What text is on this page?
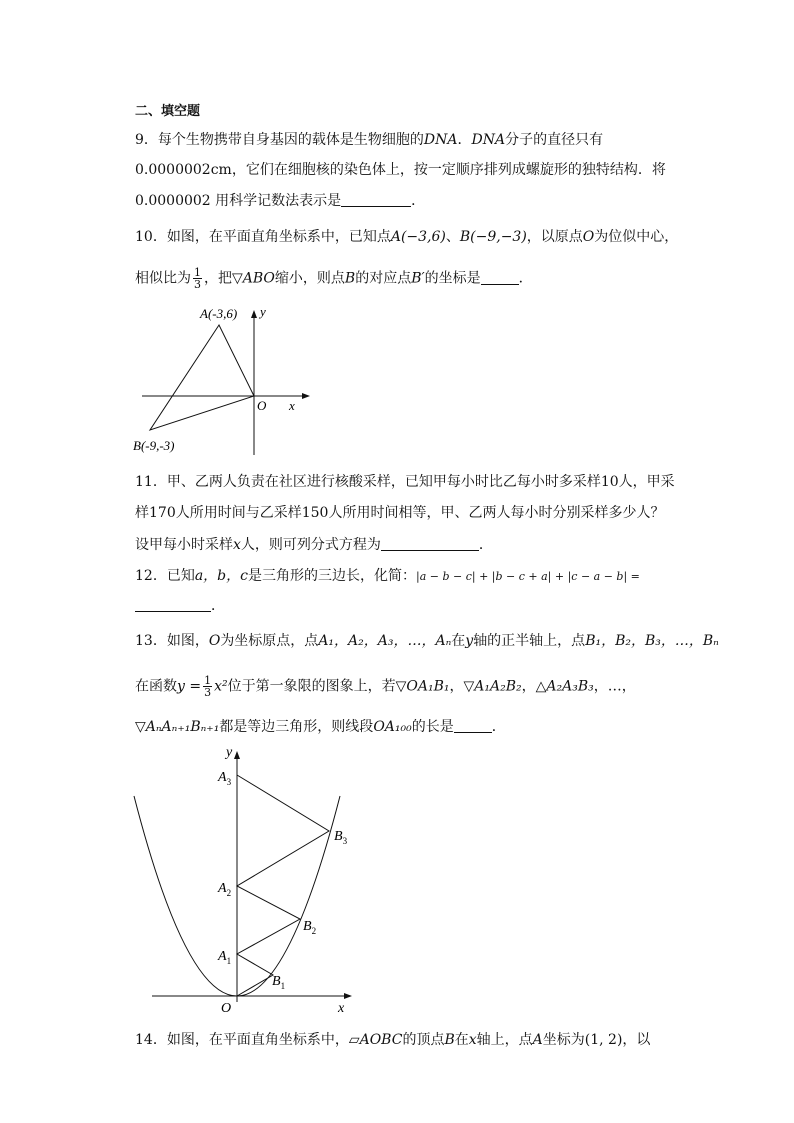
二、填空题
9．每个生物携带自身基因的载体是生物细胞的DNA．DNA分子的直径只有
0.0000002cm，它们在细胞核的染色体上，按一定顺序排列成螺旋形的独特结构．将
0.0000002 用科学记数法表示是	．
10．如图，在平面直角坐标系中，已知点A(−3,6)、B(−9,−3)，以原点O为位似中心，
相似比为 $\frac{1}{3}$ ，把▽ABO缩小，则点B的对应点B′的坐标是	．
A(-3,6)
B(-9,-3)
O x
y
11．甲、乙两人负责在社区进行核酸采样，已知甲每小时比乙每小时多采样10人，甲采
样170人所用时间与乙采样150人所用时间相等，甲、乙两人每小时分别采样多少人？
设甲每小时采样x人，则可列分式方程为	．
12．已知a，b，c是三角形的三边长，化简：|a − b − c| + |b − c + a| + |c − a − b| =
．
13．如图，O为坐标原点，点A₁，A₂，A₃，…，Aₙ在y轴的正半轴上，点B₁，B₂，B₃，…，Bₙ
在函数$y = \frac{1}{3} x^2$位于第一象限的图象上，若▽OA₁B₁，▽A₁A₂B₂，△A₂A₃B₃，…，
▽AₙAₙ₊₁Bₙ₊₁都是等边三角形，则线段OA₁₀₀的长是	．
$A_3$
$A_2$
$A_1$
$B_3$
$B_2$
$B_1$
O	x
y
14．如图，在平面直角坐标系中，▱AOBC的顶点B在x轴上，点A坐标为(1, 2)，以
